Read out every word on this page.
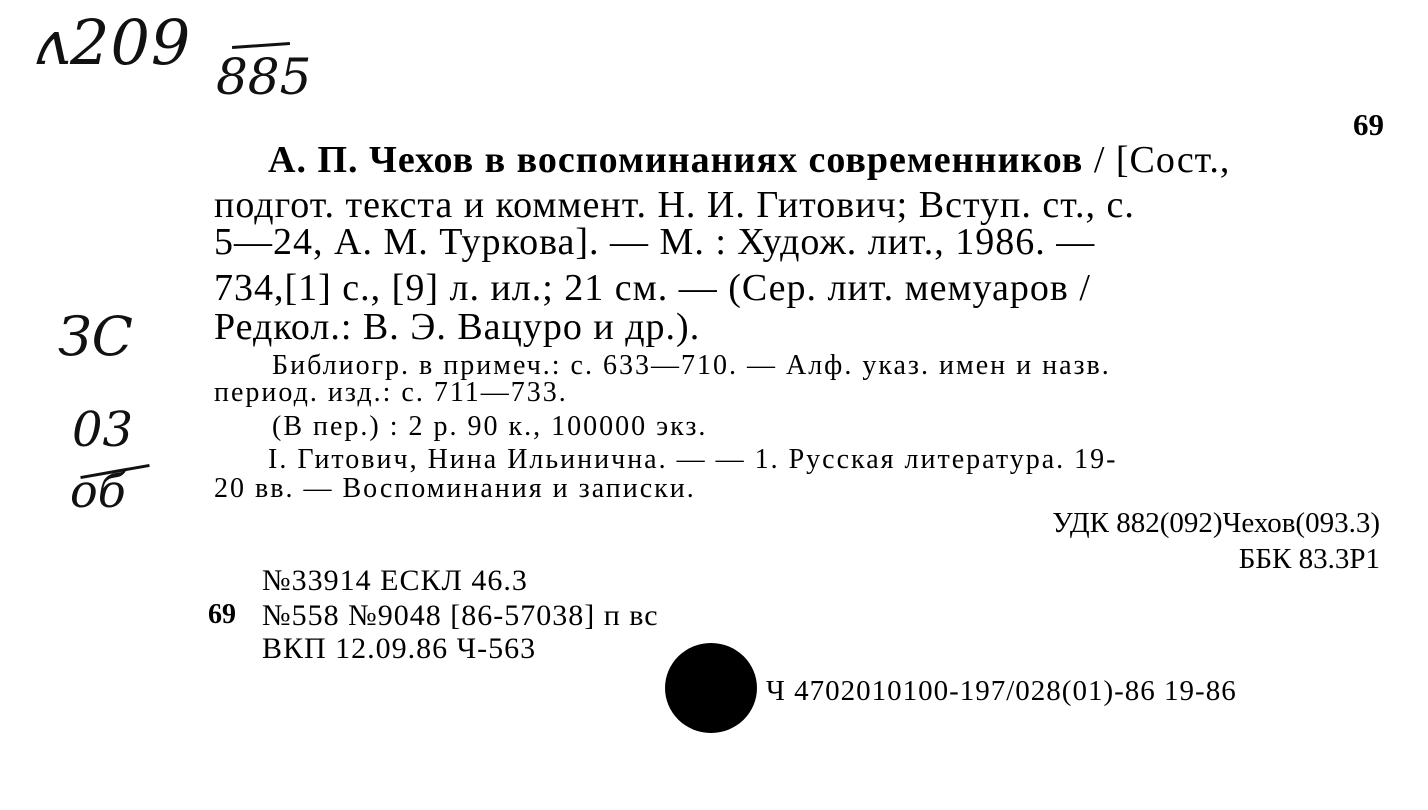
ʌ209 885
ЗС
03
об
69
А. П. Чехов в воспоминаниях современников / [Сост.,
подгот. текста и коммент. Н. И. Гитович; Вступ. ст., с.
5—24, А. М. Туркова]. — М. : Худож. лит., 1986. —
734,[1] с., [9] л. ил.; 21 см. — (Сер. лит. мемуаров /
Редкол.: В. Э. Вацуро и др.).
Библиогр. в примеч.: с. 633—710. — Алф. указ. имен и назв.
период. изд.: с. 711—733.
(В пер.) : 2 р. 90 к., 100000 экз.
I. Гитович, Нина Ильинична. — — 1. Русская литература. 19-
20 вв. — Воспоминания и записки.
УДК 882(092)Чехов(093.3)
ББК 83.3Р1
№33914 ЕСКЛ 46.3
69 №558 №9048 [86-57038] п вс
ВКП 12.09.86 Ч-563
Ч 4702010100-197/028(01)-86 19-86
